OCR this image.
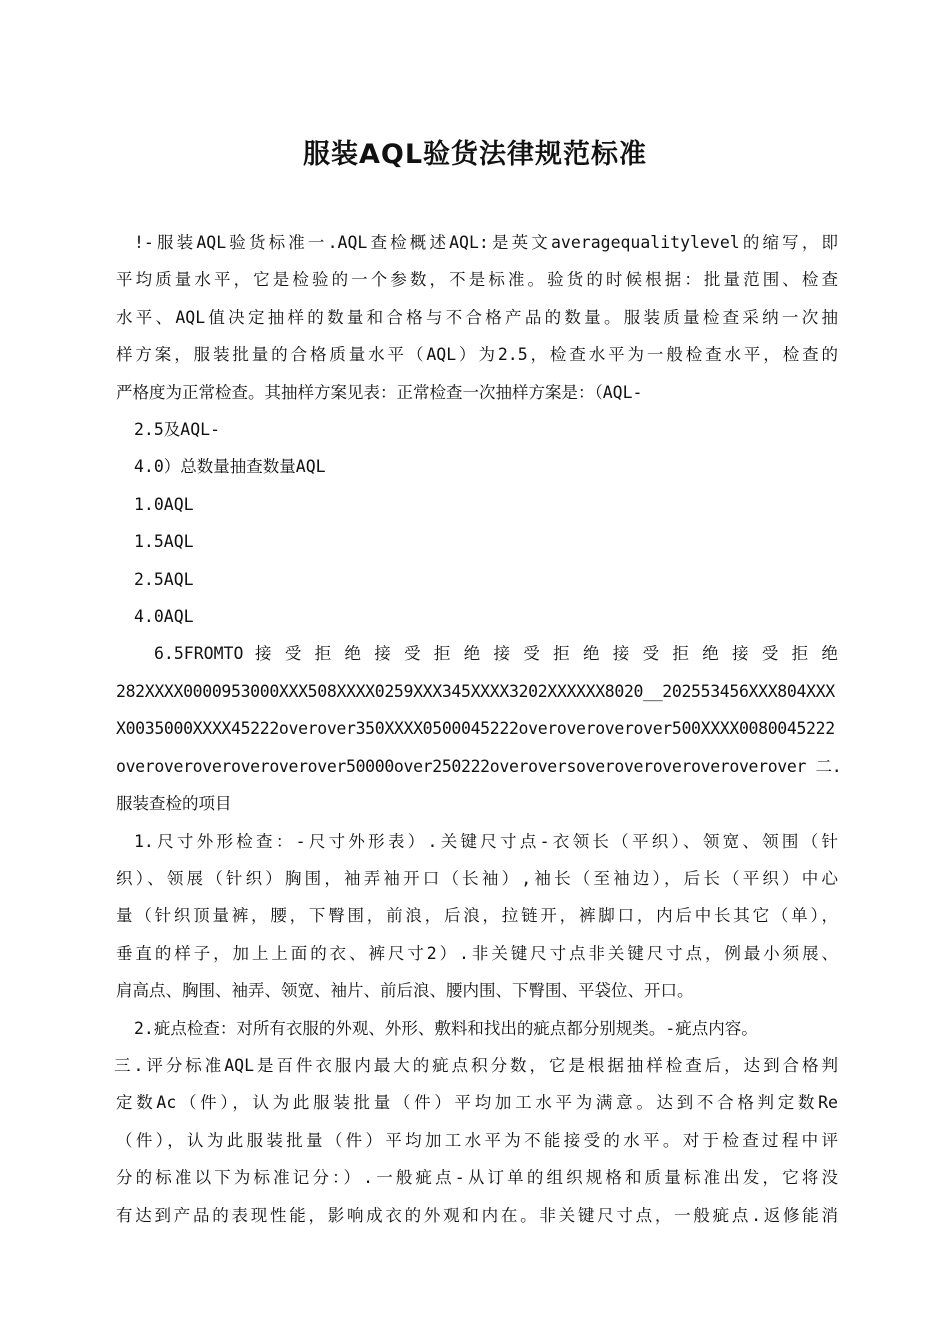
服装AQL验货法律规范标准

!-服装AQL验货标准一.AQL查检概述AQL:是英文averagequalitylevel的缩写，即

平均质量水平，它是检验的一个参数，不是标准。验货的时候根据：批量范围、检查

水平、AQL值决定抽样的数量和合格与不合格产品的数量。服装质量检查采纳一次抽

样方案，服装批量的合格质量水平（AQL）为2.5，检查水平为一般检查水平，检查的

严格度为正常检查。其抽样方案见表：正常检查一次抽样方案是：（AQL-

2.5及AQL-

4.0）总数量抽查数量AQL

1.0AQL

1.5AQL

2.5AQL

4.0AQL

6.5FROMTO 接 受 拒 绝 接 受 拒 绝 接 受 拒 绝 接 受 拒 绝 接 受 拒 绝

282XXXX0000953000XXX508XXXX0259XXX345XXXX3202XXXXXX8020__202553456XXX804XXX

X0035000XXXX45222overover350XXXX0500045222overoveroverover500XXXX0080045222

overoveroveroveroverover50000over250222overoversoveroveroveroveroverover 二.

服装查检的项目

1.尺寸外形检查：-尺寸外形表）.关键尺寸点-衣领长（平织）、领宽、领围（针

织）、领展（针织）胸围，袖弄袖开口（长袖）,袖长（至袖边），后长（平织）中心

量（针织顶量裤，腰，下臀围，前浪，后浪，拉链开，裤脚口，内后中长其它（单），

垂直的样子，加上上面的衣、裤尺寸2）.非关键尺寸点非关键尺寸点，例最小须展、

肩高点、胸围、袖弄、领宽、袖片、前后浪、腰内围、下臀围、平袋位、开口。

2.疵点检查：对所有衣服的外观、外形、敷料和找出的疵点都分别规类。-疵点内容。

三.评分标准AQL是百件衣服内最大的疵点积分数，它是根据抽样检查后，达到合格判

定数Ac（件），认为此服装批量（件）平均加工水平为满意。达到不合格判定数Re

（件），认为此服装批量（件）平均加工水平为不能接受的水平。对于检查过程中评

分的标准以下为标准记分：）.一般疵点-从订单的组织规格和质量标准出发，它将没

有达到产品的表现性能，影响成衣的外观和内在。非关键尺寸点，一般疵点.返修能消
